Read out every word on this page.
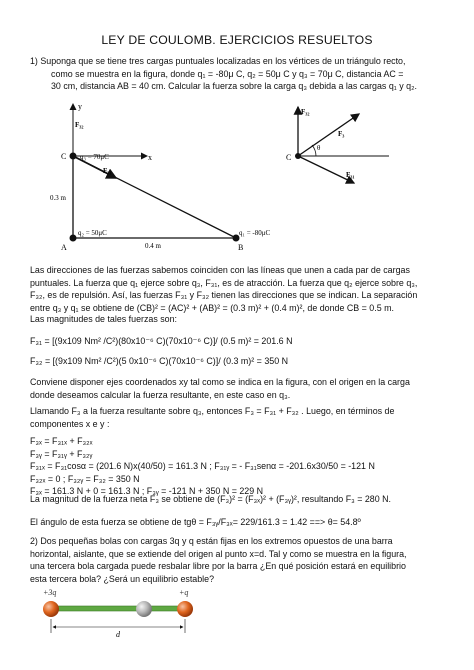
LEY DE COULOMB. EJERCICIOS RESUELTOS
1) Suponga que se tiene tres cargas puntuales localizadas en los vértices de un triángulo recto,
como se muestra en la figura, donde q₁ = -80μ C, q₂ = 50μ C y q₃ = 70μ C, distancia AC =
30 cm, distancia AB = 40 cm. Calcular la fuerza sobre la carga q₃ debida a las cargas q₁ y q₂.
y
x
F₃₂
F₃₁
C q₃ = 70μC
0.3 m
q₂ = 50μC
A	0.4 m	B
q₁ = -80μC
F₃₂
F₃
F₃₁
θ
C
Las direcciones de las fuerzas sabemos coinciden con las líneas que unen a cada par de cargas
puntuales. La fuerza que q₁ ejerce sobre q₃, F₃₁, es de atracción. La fuerza que q₂ ejerce sobre q₃,
F₃₂, es de repulsión. Así, las fuerzas F₃₁ y F₃₂ tienen las direcciones que se indican. La separación
entre q₃ y q₁ se obtiene de (CB)² = (AC)² + (AB)² = (0.3 m)² + (0.4 m)², de donde CB = 0.5 m.
Las magnitudes de tales fuerzas son:
F₃₁ = [(9x109 Nm² /C²)(80x10⁻⁶ C)(70x10⁻⁶ C)]/ (0.5 m)² = 201.6 N
F₃₂ = [(9x109 Nm² /C²)(5 0x10⁻⁶ C)(70x10⁻⁶ C)]/ (0.3 m)² = 350 N
Conviene disponer ejes coordenados xy tal como se indica en la figura, con el origen en la carga
donde deseamos calcular la fuerza resultante, en este caso en q₃.
Llamando F₃ a la fuerza resultante sobre q₃, entonces F₃ = F₃₁ + F₃₂ . Luego, en términos de
componentes x e y :
F₃ₓ = F₃₁ₓ + F₃₂ₓ
F₃ᵧ = F₃₁ᵧ + F₃₂ᵧ
F₃₁ₓ = F₃₁cosα = (201.6 N)x(40/50) = 161.3 N ; F₃₁ᵧ = - F₃₁senα = -201.6x30/50 = -121 N
F₃₂ₓ = 0 ; F₃₂ᵧ = F₃₂ = 350 N
F₃ₓ = 161.3 N + 0 = 161.3 N ; F₃ᵧ = -121 N + 350 N = 229 N
La magnitud de la fuerza neta F₃ se obtiene de (F₃)² = (F₃ₓ)² + (F₃ᵧ)², resultando F₃ = 280 N.
El ángulo de esta fuerza se obtiene de tgθ = F₃ᵧ/F₃ₓ= 229/161.3 = 1.42 ==> θ= 54.8º
2) Dos pequeñas bolas con cargas 3q y q están fijas en los extremos opuestos de una barra
horizontal, aislante, que se extiende del origen al punto x=d. Tal y como se muestra en la figura,
una tercera bola cargada puede resbalar libre por la barra ¿En qué posición estará en equilibrio
esta tercera bola? ¿Será un equilibrio estable?
+3q	+q
d
